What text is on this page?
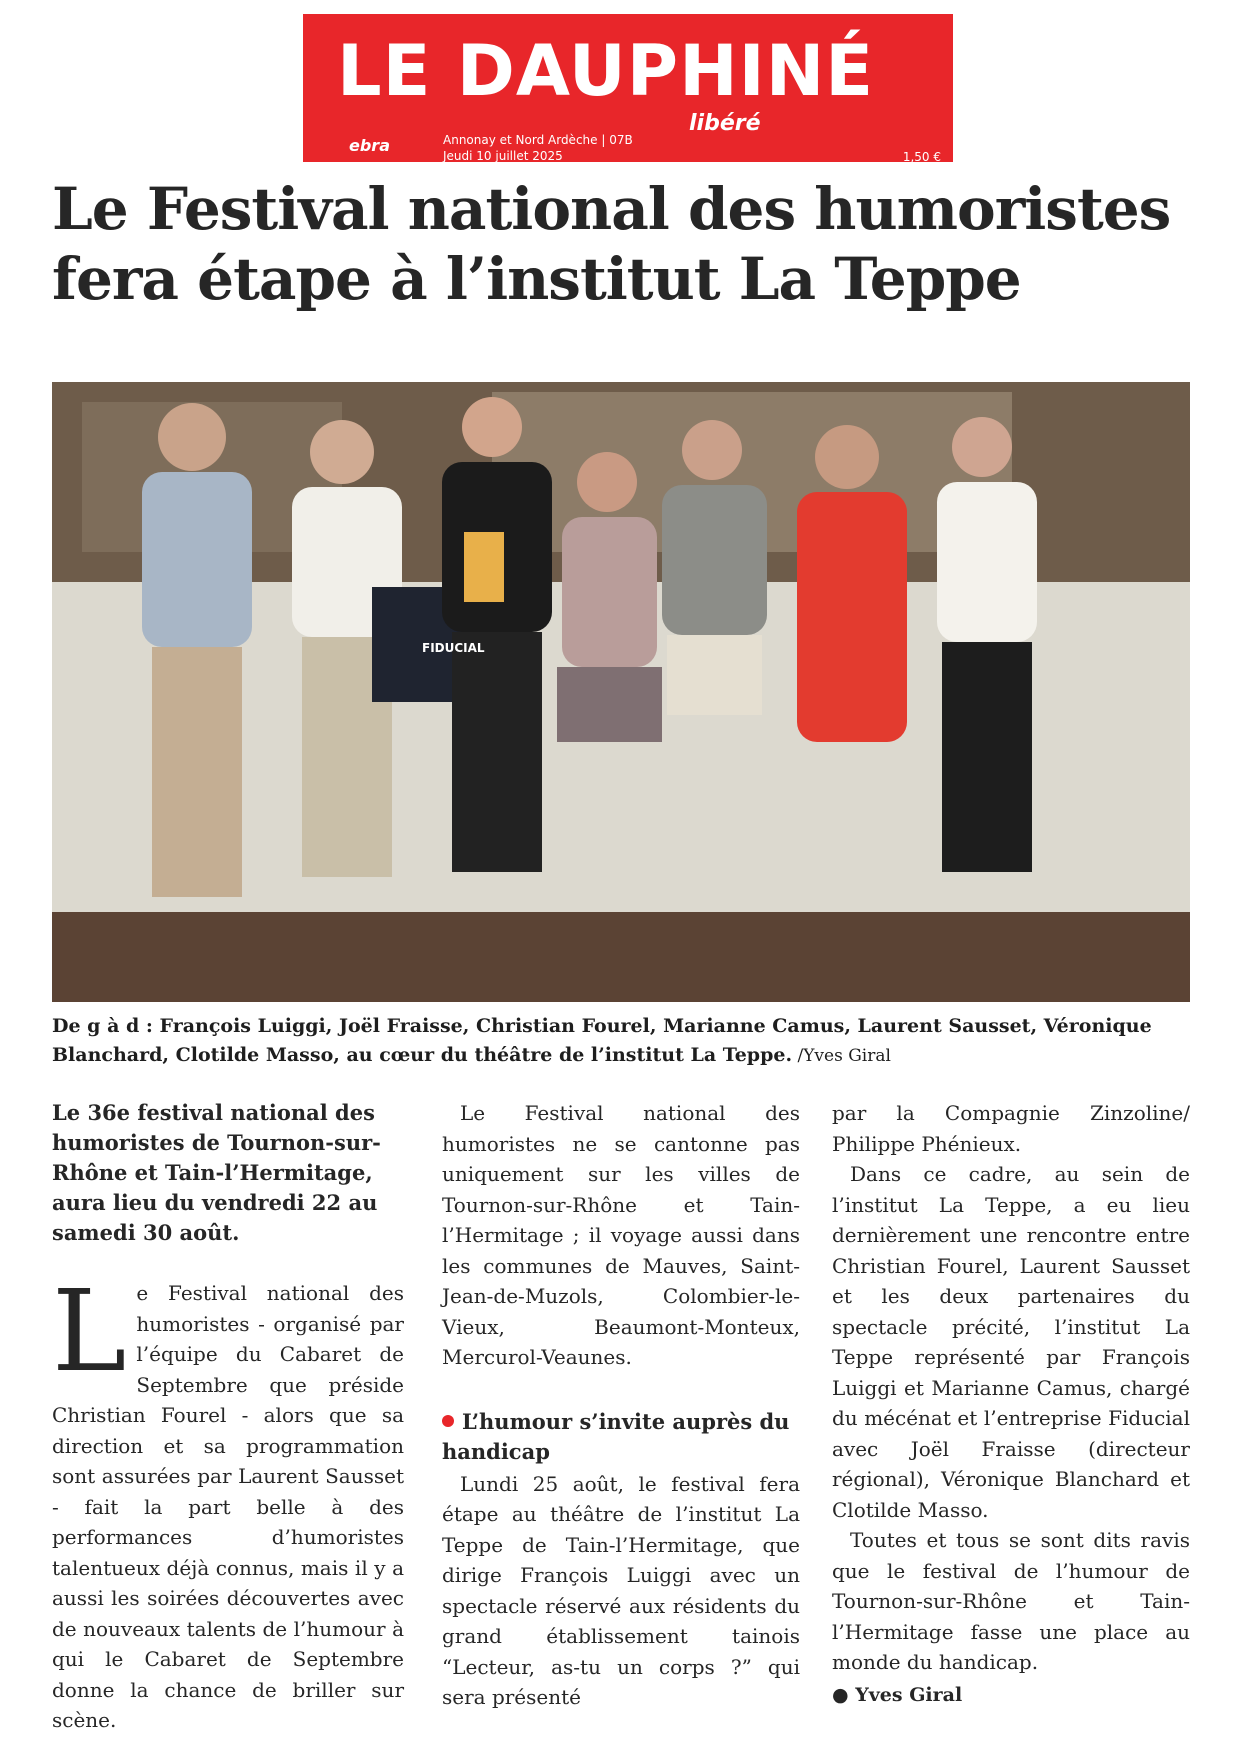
LE DAUPHINÉ
libéré
ebra	Annonay et Nord Ardèche | 07B
Jeudi 10 juillet 2025	1,50 €
Le Festival national des humoristes fera étape à l’institut La Teppe
FIDUCIAL
De g à d : François Luiggi, Joël Fraisse, Christian Fourel, Marianne Camus, Laurent Sausset, Véronique Blanchard, Clotilde Masso, au cœur du théâtre de l’institut La Teppe. /Yves Giral

Le 36e festival national des humoristes de Tournon-sur-Rhône et Tain-l’Hermitage, aura lieu du vendredi 22 au samedi 30 août.

L e Festival national des humoristes - organisé par l’équipe du Cabaret de Septembre que préside Christian Fourel - alors que sa direction et sa programmation sont assurées par Laurent Sausset - fait la part belle à des performances d’humoristes talentueux déjà connus, mais il y a aussi les soirées découvertes avec de nouveaux talents de l’humour à qui le Cabaret de Septembre donne la chance de briller sur scène.

Le Festival national des humoristes ne se cantonne pas uniquement sur les villes de Tournon-sur-Rhône et Tain-l’Hermitage ; il voyage aussi dans les communes de Mauves, Saint-Jean-de-Muzols, Colombier-le-Vieux, Beaumont-Monteux, Mercurol-Veaunes.

L’humour s’invite auprès du handicap

Lundi 25 août, le festival fera étape au théâtre de l’institut La Teppe de Tain-l’Hermitage, que dirige François Luiggi avec un spectacle réservé aux résidents du grand établissement tainois “Lecteur, as-tu un corps ?” qui sera présenté

par la Compagnie Zinzoline/ Philippe Phénieux.

Dans ce cadre, au sein de l’institut La Teppe, a eu lieu dernièrement une rencontre entre Christian Fourel, Laurent Sausset et les deux partenaires du spectacle précité, l’institut La Teppe représenté par François Luiggi et Marianne Camus, chargé du mécénat et l’entreprise Fiducial avec Joël Fraisse (directeur régional), Véronique Blanchard et Clotilde Masso.

Toutes et tous se sont dits ravis que le festival de l’humour de Tournon-sur-Rhône et Tain-l’Hermitage fasse une place au monde du handicap.

● Yves Giral
